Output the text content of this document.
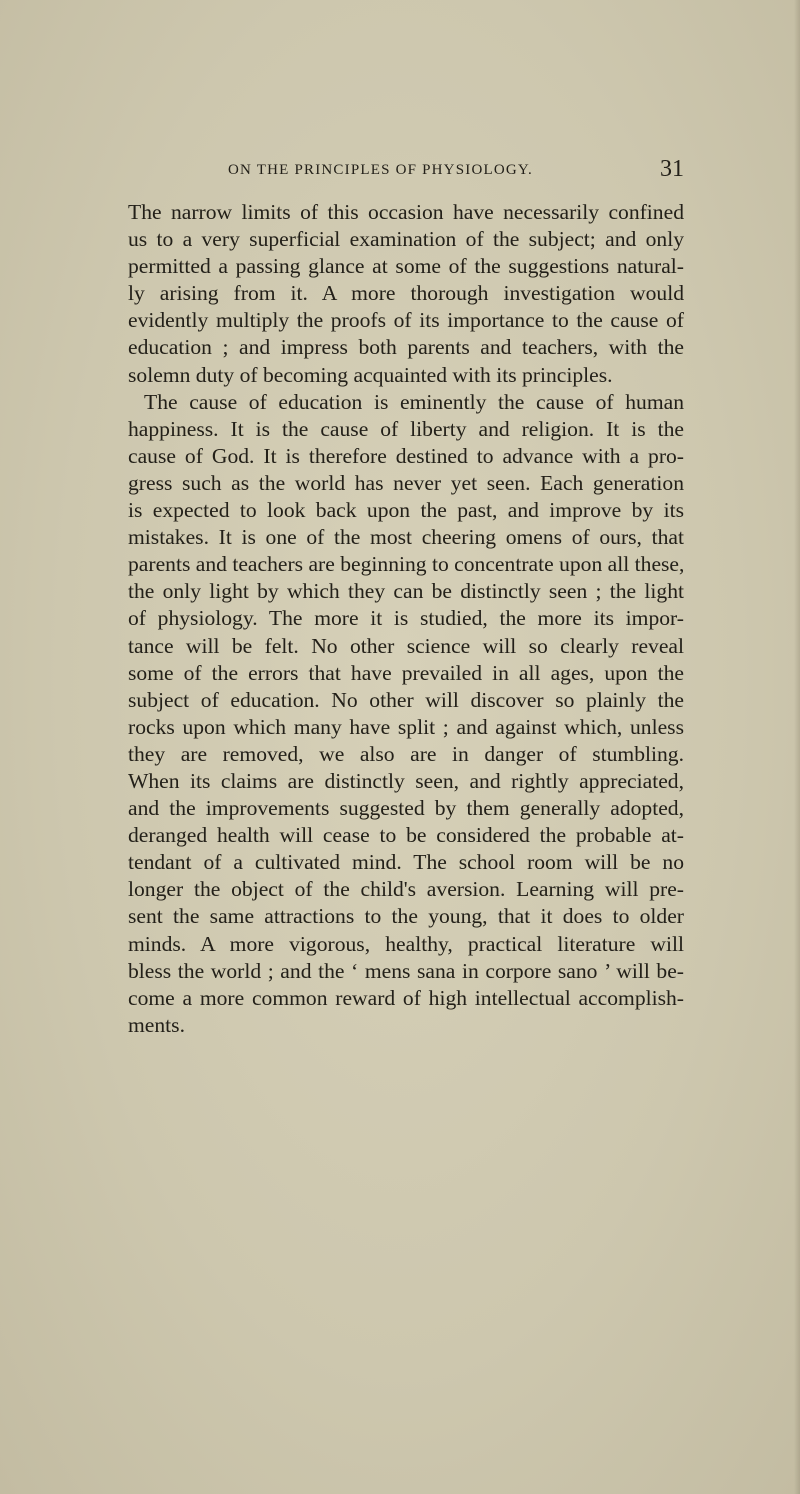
ON THE PRINCIPLES OF PHYSIOLOGY.	31
The narrow limits of this occasion have necessarily confined
us to a very superficial examination of the subject; and only
permitted a passing glance at some of the suggestions natural-
ly arising from it. A more thorough investigation would
evidently multiply the proofs of its importance to the cause of
education ; and impress both parents and teachers, with the
solemn duty of becoming acquainted with its principles.
The cause of education is eminently the cause of human
happiness. It is the cause of liberty and religion. It is the
cause of God. It is therefore destined to advance with a pro-
gress such as the world has never yet seen. Each generation
is expected to look back upon the past, and improve by its
mistakes. It is one of the most cheering omens of ours, that
parents and teachers are beginning to concentrate upon all these,
the only light by which they can be distinctly seen ; the light
of physiology. The more it is studied, the more its impor-
tance will be felt. No other science will so clearly reveal
some of the errors that have prevailed in all ages, upon the
subject of education. No other will discover so plainly the
rocks upon which many have split ; and against which, unless
they are removed, we also are in danger of stumbling.
When its claims are distinctly seen, and rightly appreciated,
and the improvements suggested by them generally adopted,
deranged health will cease to be considered the probable at-
tendant of a cultivated mind. The school room will be no
longer the object of the child's aversion. Learning will pre-
sent the same attractions to the young, that it does to older
minds. A more vigorous, healthy, practical literature will
bless the world ; and the ‘ mens sana in corpore sano ’ will be-
come a more common reward of high intellectual accomplish-
ments.
